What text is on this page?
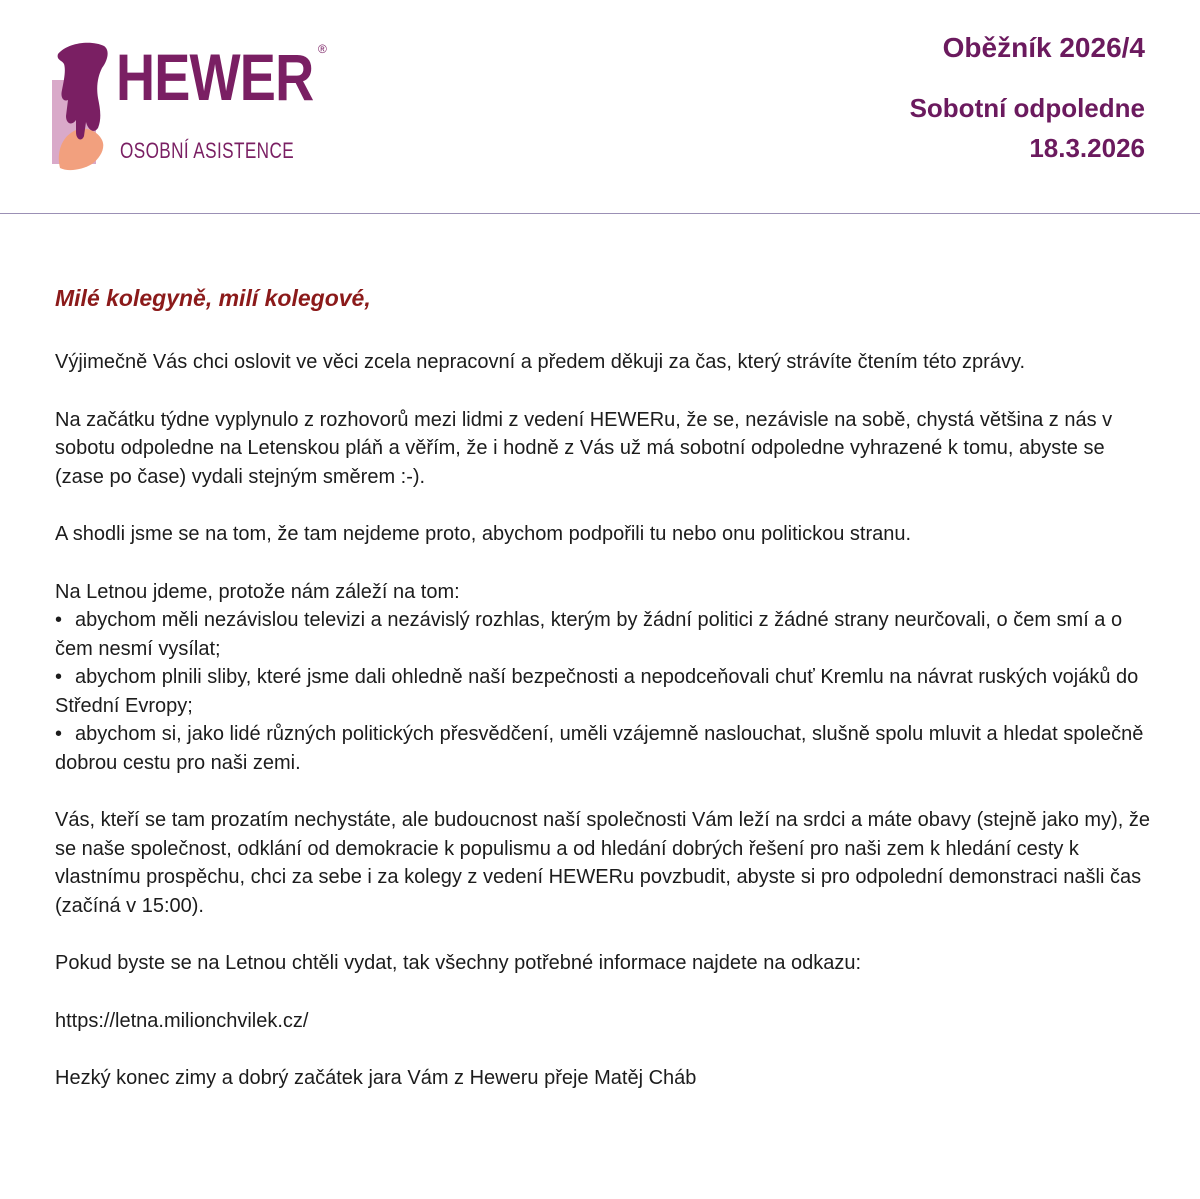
HEWER ®
OSOBNÍ ASISTENCE
Oběžník 2026/4
Sobotní odpoledne
18.3.2026
Milé kolegyně, milí kolegové,

Výjimečně Vás chci oslovit ve věci zcela nepracovní a předem děkuji za čas, který strávíte čtením této zprávy.

Na začátku týdne vyplynulo z rozhovorů mezi lidmi z vedení HEWERu, že se, nezávisle na sobě, chystá většina z nás v sobotu odpoledne na Letenskou pláň a věřím, že i hodně z Vás už má sobotní odpoledne vyhrazené k tomu, abyste se (zase po čase) vydali stejným směrem :-).

A shodli jsme se na tom, že tam nejdeme proto, abychom podpořili tu nebo onu politickou stranu.

Na Letnou jdeme, protože nám záleží na tom:
• abychom měli nezávislou televizi a nezávislý rozhlas, kterým by žádní politici z žádné strany neurčovali, o čem smí a o čem nesmí vysílat;
• abychom plnili sliby, které jsme dali ohledně naší bezpečnosti a nepodceňovali chuť Kremlu na návrat ruských vojáků do Střední Evropy;
• abychom si, jako lidé různých politických přesvědčení, uměli vzájemně naslouchat, slušně spolu mluvit a hledat společně dobrou cestu pro naši zemi.

Vás, kteří se tam prozatím nechystáte, ale budoucnost naší společnosti Vám leží na srdci a máte obavy (stejně jako my), že se naše společnost, odklání od demokracie k populismu a od hledání dobrých řešení pro naši zem k hledání cesty k vlastnímu prospěchu, chci za sebe i za kolegy z vedení HEWERu povzbudit, abyste si pro odpolední demonstraci našli čas (začíná v 15:00).

Pokud byste se na Letnou chtěli vydat, tak všechny potřebné informace najdete na odkazu:

https://letna.milionchvilek.cz/

Hezký konec zimy a dobrý začátek jara Vám z Heweru přeje Matěj Cháb
